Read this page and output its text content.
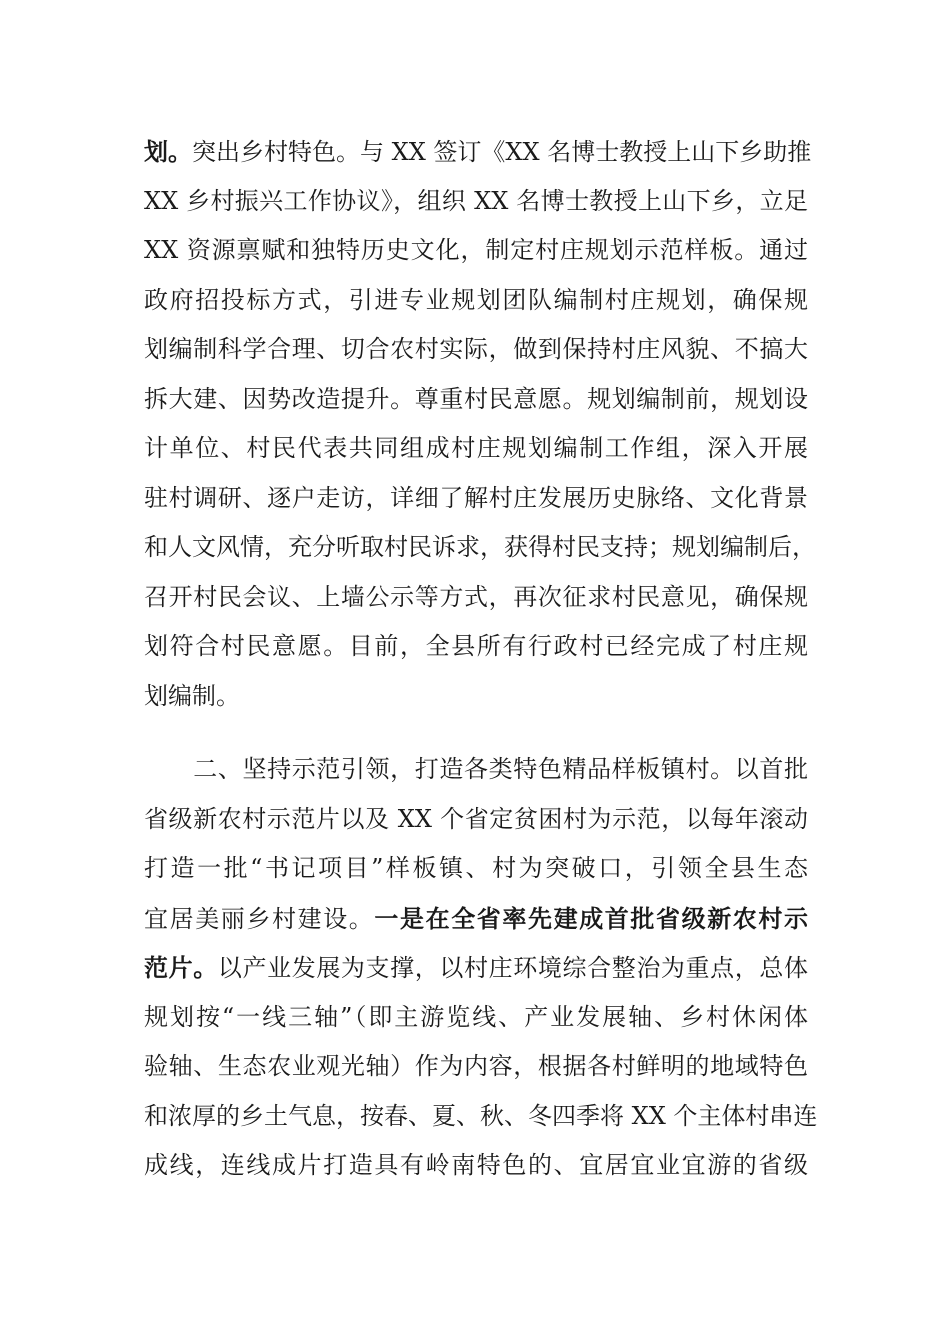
划。突出乡村特色。与 XX 签订《XX 名博士教授上山下乡助推
XX 乡村振兴工作协议》，组织 XX 名博士教授上山下乡，立足
XX 资源禀赋和独特历史文化，制定村庄规划示范样板。通过
政府招投标方式，引进专业规划团队编制村庄规划，确保规
划编制科学合理、切合农村实际，做到保持村庄风貌、不搞大
拆大建、因势改造提升。尊重村民意愿。规划编制前，规划设
计单位、村民代表共同组成村庄规划编制工作组，深入开展
驻村调研、逐户走访，详细了解村庄发展历史脉络、文化背景
和人文风情，充分听取村民诉求，获得村民支持；规划编制后，
召开村民会议、上墙公示等方式，再次征求村民意见，确保规
划符合村民意愿。目前，全县所有行政村已经完成了村庄规
划编制。
　　二、坚持示范引领，打造各类特色精品样板镇村。以首批
省级新农村示范片以及 XX 个省定贫困村为示范，以每年滚动
打造一批“书记项目”样板镇、村为突破口，引领全县生态
宜居美丽乡村建设。一是在全省率先建成首批省级新农村示
范片。以产业发展为支撑，以村庄环境综合整治为重点，总体
规划按“一线三轴”（即主游览线、产业发展轴、乡村休闲体
验轴、生态农业观光轴）作为内容，根据各村鲜明的地域特色
和浓厚的乡土气息，按春、夏、秋、冬四季将 XX 个主体村串连
成线，连线成片打造具有岭南特色的、宜居宜业宜游的省级
